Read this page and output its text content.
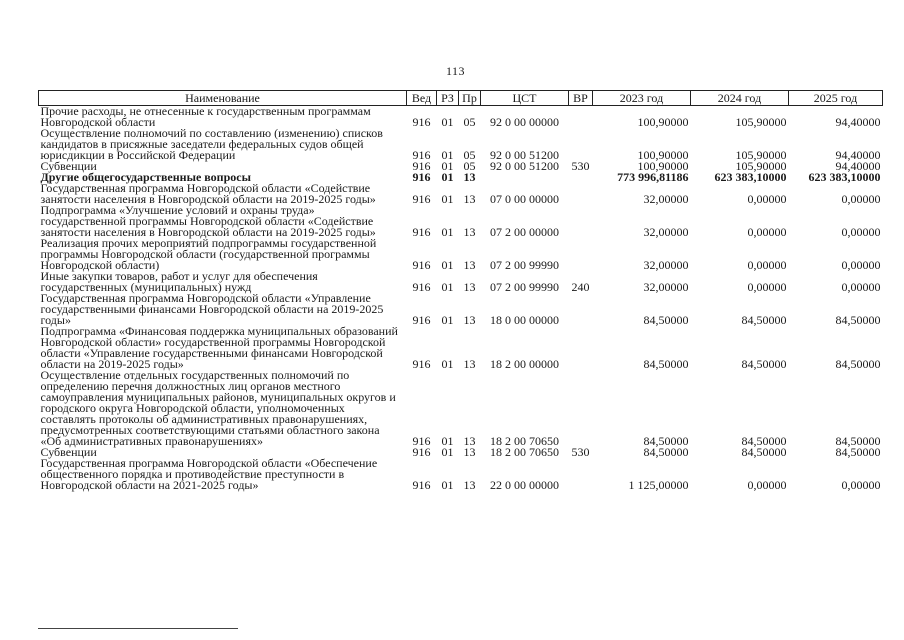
113
Наименование	Вед	РЗ	Пр	ЦСТ	ВР	2023 год	2024 год	2025 год
Прочие расходы, не отнесенные к государственным программам Новгородской области	916	01	05	92 0 00 00000		100,90000	105,90000	94,40000
Осуществление полномочий по составлению (изменению) списков кандидатов в присяжные заседатели федеральных судов общей юрисдикции в Российской Федерации	916	01	05	92 0 00 51200		100,90000	105,90000	94,40000
Субвенции	916	01	05	92 0 00 51200	530	100,90000	105,90000	94,40000
Другие общегосударственные вопросы	916	01	13			773 996,81186	623 383,10000	623 383,10000
Государственная программа Новгородской области «Содействие занятости населения в Новгородской области на 2019-2025 годы»	916	01	13	07 0 00 00000		32,00000	0,00000	0,00000
Подпрограмма «Улучшение условий и охраны труда» государственной программы Новгородской области «Содействие занятости населения в Новгородской области на 2019-2025 годы»	916	01	13	07 2 00 00000		32,00000	0,00000	0,00000
Реализация прочих мероприятий подпрограммы государственной программы Новгородской области (государственной программы Новгородской области)	916	01	13	07 2 00 99990		32,00000	0,00000	0,00000
Иные закупки товаров, работ и услуг для обеспечения государственных (муниципальных) нужд	916	01	13	07 2 00 99990	240	32,00000	0,00000	0,00000
Государственная программа Новгородской области «Управление государственными финансами Новгородской области на 2019-2025 годы»	916	01	13	18 0 00 00000		84,50000	84,50000	84,50000
Подпрограмма «Финансовая поддержка муниципальных образований Новгородской области» государственной программы Новгородской области «Управление государственными финансами Новгородской области на 2019-2025 годы»	916	01	13	18 2 00 00000		84,50000	84,50000	84,50000
Осуществление отдельных государственных полномочий по определению перечня должностных лиц органов местного самоуправления муниципальных районов, муниципальных округов и городского округа Новгородской области, уполномоченных составлять протоколы об административных правонарушениях, предусмотренных соответствующими статьями областного закона «Об административных правонарушениях»	916	01	13	18 2 00 70650		84,50000	84,50000	84,50000
Субвенции	916	01	13	18 2 00 70650	530	84,50000	84,50000	84,50000
Государственная программа Новгородской области «Обеспечение общественного порядка и противодействие преступности в Новгородской области на 2021-2025 годы»	916	01	13	22 0 00 00000		1 125,00000	0,00000	0,00000
